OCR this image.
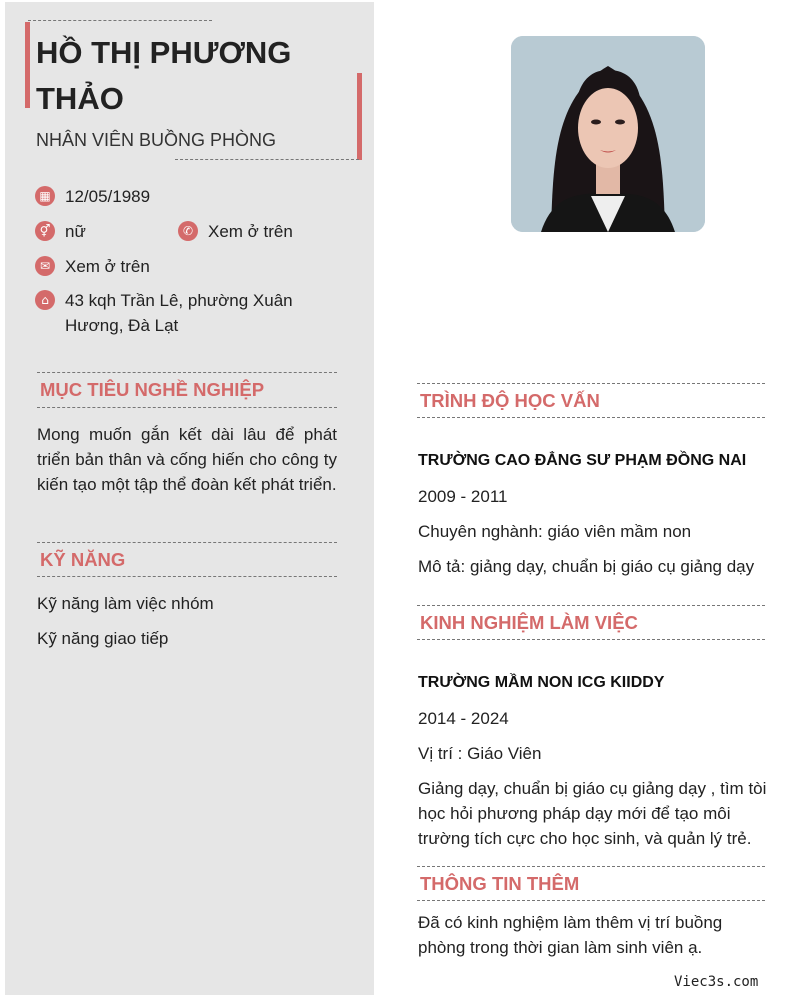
HỒ THỊ PHƯƠNG THẢO
NHÂN VIÊN BUỒNG PHÒNG
▦ 12/05/1989
⚥ nữ	✆ Xem ở trên
✉ Xem ở trên
⌂ 43 kqh Trần Lê, phường Xuân Hương, Đà Lạt
MỤC TIÊU NGHỀ NGHIỆP
Mong muốn gắn kết dài lâu để phát triển bản thân và cống hiến cho công ty kiến tạo một tập thể đoàn kết phát triển.
KỸ NĂNG
Kỹ năng làm việc nhóm
Kỹ năng giao tiếp
TRÌNH ĐỘ HỌC VẤN
TRƯỜNG CAO ĐẲNG SƯ PHẠM ĐỒNG NAI
2009 - 2011
Chuyên nghành: giáo viên mầm non
Mô tả: giảng dạy, chuẩn bị giáo cụ giảng dạy
KINH NGHIỆM LÀM VIỆC
TRƯỜNG MẦM NON ICG KIIDDY
2014 - 2024
Vị trí : Giáo Viên
Giảng dạy, chuẩn bị giáo cụ giảng dạy , tìm tòi học hỏi phương pháp dạy mới để tạo môi trường tích cực cho học sinh, và quản lý trẻ.
THÔNG TIN THÊM
Đã có kinh nghiệm làm thêm vị trí buồng phòng trong thời gian làm sinh viên ạ.
Viec3s.com
